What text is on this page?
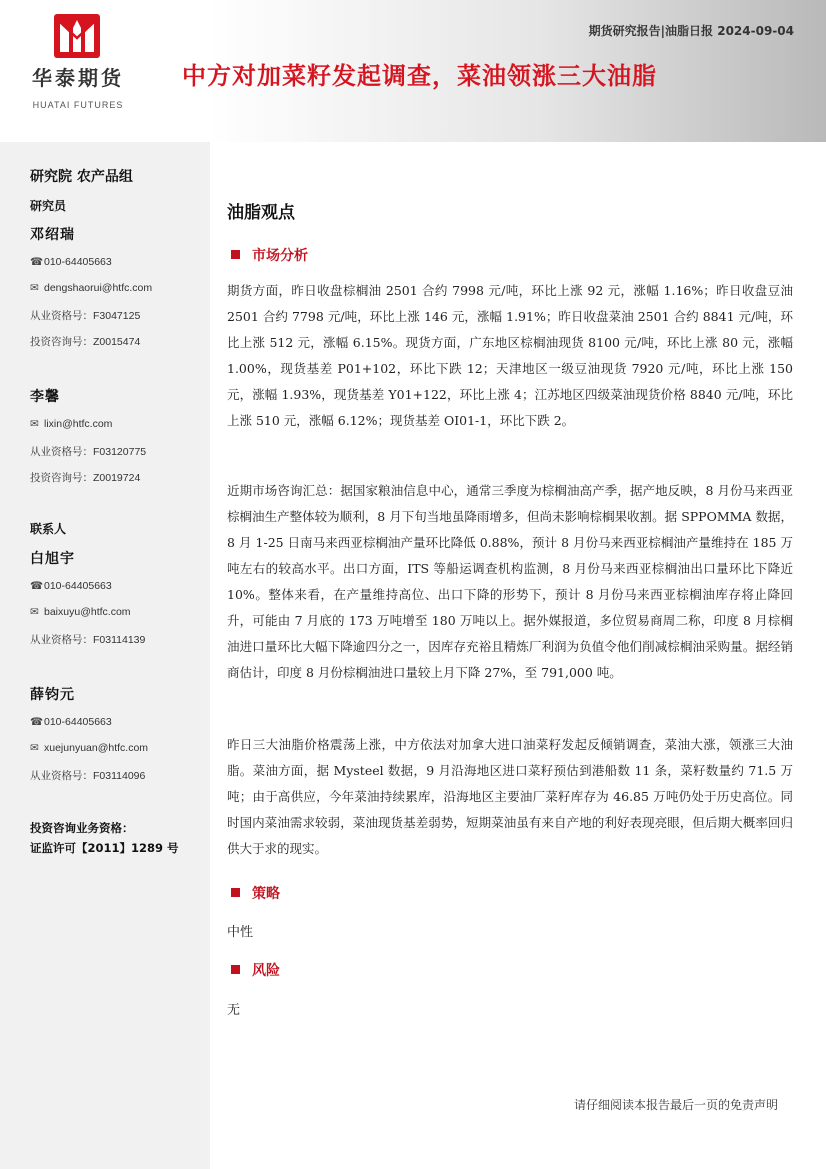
华泰期货
HUATAI FUTURES
期货研究报告|油脂日报 2024-09-04
中方对加菜籽发起调查，菜油领涨三大油脂
研究院 农产品组
研究员
邓绍瑞
☎010-64405663
✉ dengshaorui@htfc.com
从业资格号：F3047125
投资咨询号：Z0015474
李馨
✉ lixin@htfc.com
从业资格号：F03120775
投资咨询号：Z0019724
联系人
白旭宇
☎010-64405663
✉ baixuyu@htfc.com
从业资格号：F03114139
薛钧元
☎010-64405663
✉ xuejunyuan@htfc.com
从业资格号：F03114096
投资咨询业务资格：
证监许可【2011】1289 号
油脂观点
市场分析
期货方面，昨日收盘棕榈油 2501 合约 7998 元/吨，环比上涨 92 元，涨幅 1.16%；昨日收盘豆油 2501 合约 7798 元/吨，环比上涨 146 元，涨幅 1.91%；昨日收盘菜油 2501 合约 8841 元/吨，环比上涨 512 元，涨幅 6.15%。现货方面，广东地区棕榈油现货 8100 元/吨，环比上涨 80 元，涨幅 1.00%，现货基差 P01+102，环比下跌 12；天津地区一级豆油现货 7920 元/吨，环比上涨 150 元，涨幅 1.93%，现货基差 Y01+122，环比上涨 4；江苏地区四级菜油现货价格 8840 元/吨，环比上涨 510 元，涨幅 6.12%；现货基差 OI01-1，环比下跌 2。
近期市场咨询汇总：据国家粮油信息中心，通常三季度为棕榈油高产季，据产地反映，8 月份马来西亚棕榈油生产整体较为顺利，8 月下旬当地虽降雨增多，但尚未影响棕榈果收割。据 SPPOMMA 数据，8 月 1-25 日南马来西亚棕榈油产量环比降低 0.88%，预计 8 月份马来西亚棕榈油产量维持在 185 万吨左右的较高水平。出口方面，ITS 等船运调查机构监测，8 月份马来西亚棕榈油出口量环比下降近 10%。整体来看，在产量维持高位、出口下降的形势下，预计 8 月份马来西亚棕榈油库存将止降回升，可能由 7 月底的 173 万吨增至 180 万吨以上。据外媒报道，多位贸易商周二称，印度 8 月棕榈油进口量环比大幅下降逾四分之一，因库存充裕且精炼厂利润为负值令他们削减棕榈油采购量。据经销商估计，印度 8 月份棕榈油进口量较上月下降 27%，至 791,000 吨。
昨日三大油脂价格震荡上涨，中方依法对加拿大进口油菜籽发起反倾销调查，菜油大涨，领涨三大油脂。菜油方面，据 Mysteel 数据，9 月沿海地区进口菜籽预估到港船数 11 条，菜籽数量约 71.5 万吨；由于高供应，今年菜油持续累库，沿海地区主要油厂菜籽库存为 46.85 万吨仍处于历史高位。同时国内菜油需求较弱，菜油现货基差弱势，短期菜油虽有来自产地的利好表现亮眼，但后期大概率回归供大于求的现实。
策略
中性
风险
无
请仔细阅读本报告最后一页的免责声明
